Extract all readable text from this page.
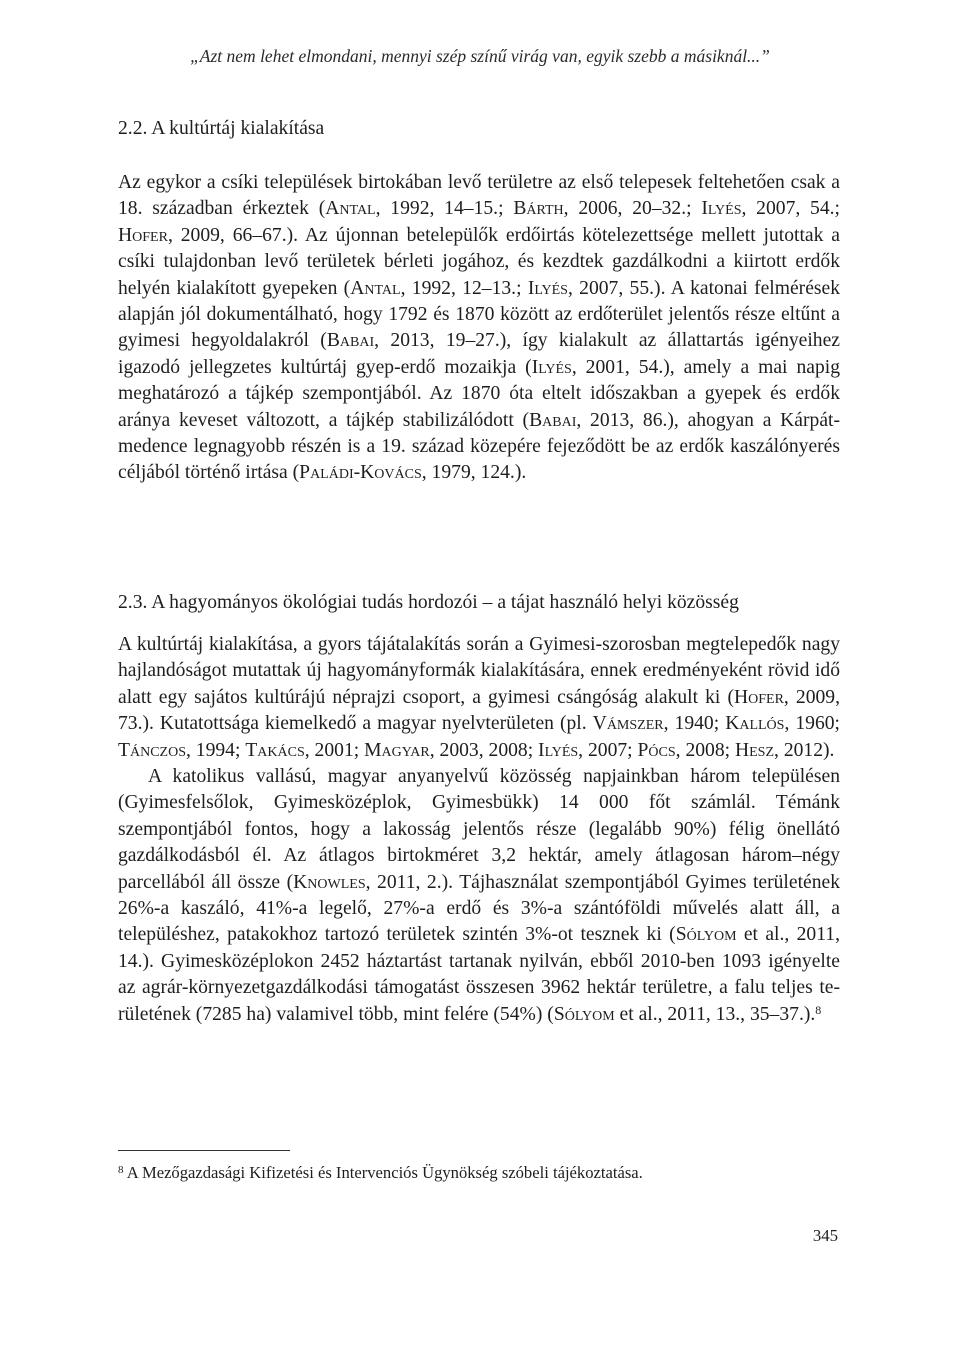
„Azt nem lehet elmondani, mennyi szép színű virág van, egyik szebb a másiknál...”
2.2. A kultúrtáj kialakítása

Az egykor a csíki települések birtokában levő területre az első telepesek feltehetően csak a 18. században érkeztek (Antal, 1992, 14–15.; Bárth, 2006, 20–32.; Ilyés, 2007, 54.; Hofer, 2009, 66–67.). Az újonnan betelepülők erdőirtás kötelezettsége mellett jutottak a csíki tulajdonban levő területek bérleti jogához, és kezdtek gazdálkodni a kiirtott erdők helyén kialakított gyepeken (Antal, 1992, 12–13.; Ilyés, 2007, 55.). A katonai felmérések alapján jól dokumentálható, hogy 1792 és 1870 között az erdőterület jelentős része eltűnt a gyimesi hegyoldalakról (Babai, 2013, 19–27.), így kialakult az állattartás igényeihez igazodó jellegzetes kultúrtáj gyep-erdő mozaikja (Ilyés, 2001, 54.), amely a mai napig meghatározó a tájkép szempontjából. Az 1870 óta eltelt időszakban a gyepek és erdők aránya keveset változott, a tájkép stabilizálódott (Babai, 2013, 86.), ahogyan a Kárpát-medence legnagyobb részén is a 19. század közepére fejeződött be az erdők kaszálónyerés céljából történő irtása (Paládi-Kovács, 1979, 124.).

2.3. A hagyományos ökológiai tudás hordozói – a tájat használó helyi közösség

A kultúrtáj kialakítása, a gyors tájátalakítás során a Gyimesi-szorosban megtelepedők nagy hajlandóságot mutattak új hagyományformák kialakítására, ennek eredményeként rövid idő alatt egy sajátos kultúrájú néprajzi csoport, a gyimesi csángóság alakult ki (Hofer, 2009, 73.). Kutatottsága kiemelkedő a magyar nyelvterületen (pl. Vámszer, 1940; Kallós, 1960; Tánczos, 1994; Takács, 2001; Magyar, 2003, 2008; Ilyés, 2007; Pócs, 2008; Hesz, 2012).

A katolikus vallású, magyar anyanyelvű közösség napjainkban három településen (Gyimesfelsőlok, Gyimesközéplok, Gyimesbükk) 14 000 főt számlál. Témánk szempontjából fontos, hogy a lakosság jelentős része (legalább 90%) félig önellátó gazdálkodásból él. Az átlagos birtokméret 3,2 hektár, amely átlagosan három–négy parcellából áll össze (Knowles, 2011, 2.). Tájhasználat szempontjából Gyimes területének 26%-a kaszáló, 41%-a legelő, 27%-a erdő és 3%-a szántóföldi művelés alatt áll, a településhez, patakokhoz tartozó területek szintén 3%-ot tesznek ki (Sólyom et al., 2011, 14.). Gyimesközéplokon 2452 háztartást tartanak nyilván, ebből 2010-ben 1093 igényelte az agrár-környezetgazdálkodási támogatást összesen 3962 hektár területre, a falu teljes területének (7285 ha) valamivel több, mint felére (54%) (Sólyom et al., 2011, 13., 35–37.).$^8$

$^8$ A Mezőgazdasági Kifizetési és Intervenciós Ügynökség szóbeli tájékoztatása.
345
